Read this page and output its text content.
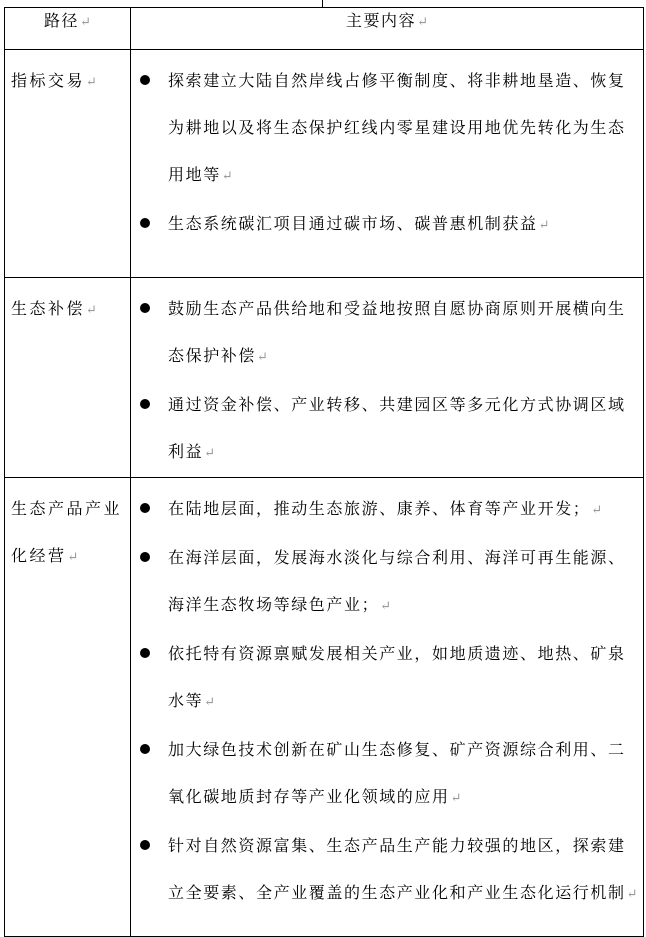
路径↵	主要内容↵
指标交易↵	探索建立大陆自然岸线占修平衡制度、将非耕地垦造、恢复为耕地以及将生态保护红线内零星建设用地优先转化为生态用地等↵
生态系统碳汇项目通过碳市场、碳普惠机制获益↵

生态补偿↵	鼓励生态产品供给地和受益地按照自愿协商原则开展横向生态保护补偿↵
通过资金补偿、产业转移、共建园区等多元化方式协调区域利益↵

生态产品产业化经营↵	在陆地层面，推动生态旅游、康养、体育等产业开发；↵
在海洋层面，发展海水淡化与综合利用、海洋可再生能源、海洋生态牧场等绿色产业；↵
依托特有资源禀赋发展相关产业，如地质遗迹、地热、矿泉水等↵
加大绿色技术创新在矿山生态修复、矿产资源综合利用、二氧化碳地质封存等产业化领域的应用↵
针对自然资源富集、生态产品生产能力较强的地区，探索建立全要素、全产业覆盖的生态产业化和产业生态化运行机制↵
